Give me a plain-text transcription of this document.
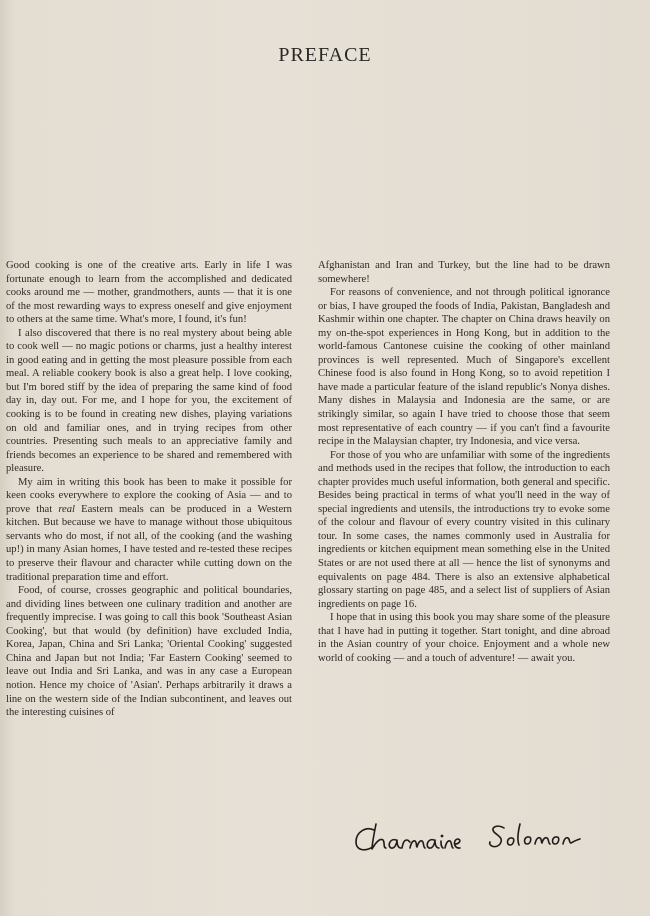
PREFACE

Good cooking is one of the creative arts. Early in life I was fortunate enough to learn from the accomplished and dedicated cooks around me — mother, grandmothers, aunts — that it is one of the most rewarding ways to express oneself and give enjoyment to others at the same time. What's more, I found, it's fun!

I also discovered that there is no real mystery about being able to cook well — no magic potions or charms, just a healthy interest in good eating and in getting the most pleasure possible from each meal. A reliable cookery book is also a great help. I love cooking, but I'm bored stiff by the idea of preparing the same kind of food day in, day out. For me, and I hope for you, the excitement of cooking is to be found in creating new dishes, playing variations on old and familiar ones, and in trying recipes from other countries. Presenting such meals to an appreciative family and friends becomes an experience to be shared and remembered with pleasure.

My aim in writing this book has been to make it possible for keen cooks everywhere to explore the cooking of Asia — and to prove that real Eastern meals can be produced in a Western kitchen. But because we have to manage without those ubiquitous servants who do most, if not all, of the cooking (and the washing up!) in many Asian homes, I have tested and re-tested these recipes to preserve their flavour and character while cutting down on the traditional preparation time and effort.

Food, of course, crosses geographic and political boundaries, and dividing lines between one culinary tradition and another are frequently imprecise. I was going to call this book 'Southeast Asian Cooking', but that would (by definition) have excluded India, Korea, Japan, China and Sri Lanka; 'Oriental Cooking' suggested China and Japan but not India; 'Far Eastern Cooking' seemed to leave out India and Sri Lanka, and was in any case a European notion. Hence my choice of 'Asian'. Perhaps arbitrarily it draws a line on the western side of the Indian subcontinent, and leaves out the interesting cuisines of

Afghanistan and Iran and Turkey, but the line had to be drawn somewhere!

For reasons of convenience, and not through political ignorance or bias, I have grouped the foods of India, Pakistan, Bangladesh and Kashmir within one chapter. The chapter on China draws heavily on my on-the-spot experiences in Hong Kong, but in addition to the world-famous Cantonese cuisine the cooking of other mainland provinces is well represented. Much of Singapore's excellent Chinese food is also found in Hong Kong, so to avoid repetition I have made a particular feature of the island republic's Nonya dishes. Many dishes in Malaysia and Indonesia are the same, or are strikingly similar, so again I have tried to choose those that seem most representative of each country — if you can't find a favourite recipe in the Malaysian chapter, try Indonesia, and vice versa.

For those of you who are unfamiliar with some of the ingredients and methods used in the recipes that follow, the introduction to each chapter provides much useful information, both general and specific. Besides being practical in terms of what you'll need in the way of special ingredients and utensils, the introductions try to evoke some of the colour and flavour of every country visited in this culinary tour. In some cases, the names commonly used in Australia for ingredients or kitchen equipment mean something else in the United States or are not used there at all — hence the list of synonyms and equivalents on page 484. There is also an extensive alphabetical glossary starting on page 485, and a select list of suppliers of Asian ingredients on page 16.

I hope that in using this book you may share some of the pleasure that I have had in putting it together. Start tonight, and dine abroad in the Asian country of your choice. Enjoyment and a whole new world of cooking — and a touch of adventure! — await you.
